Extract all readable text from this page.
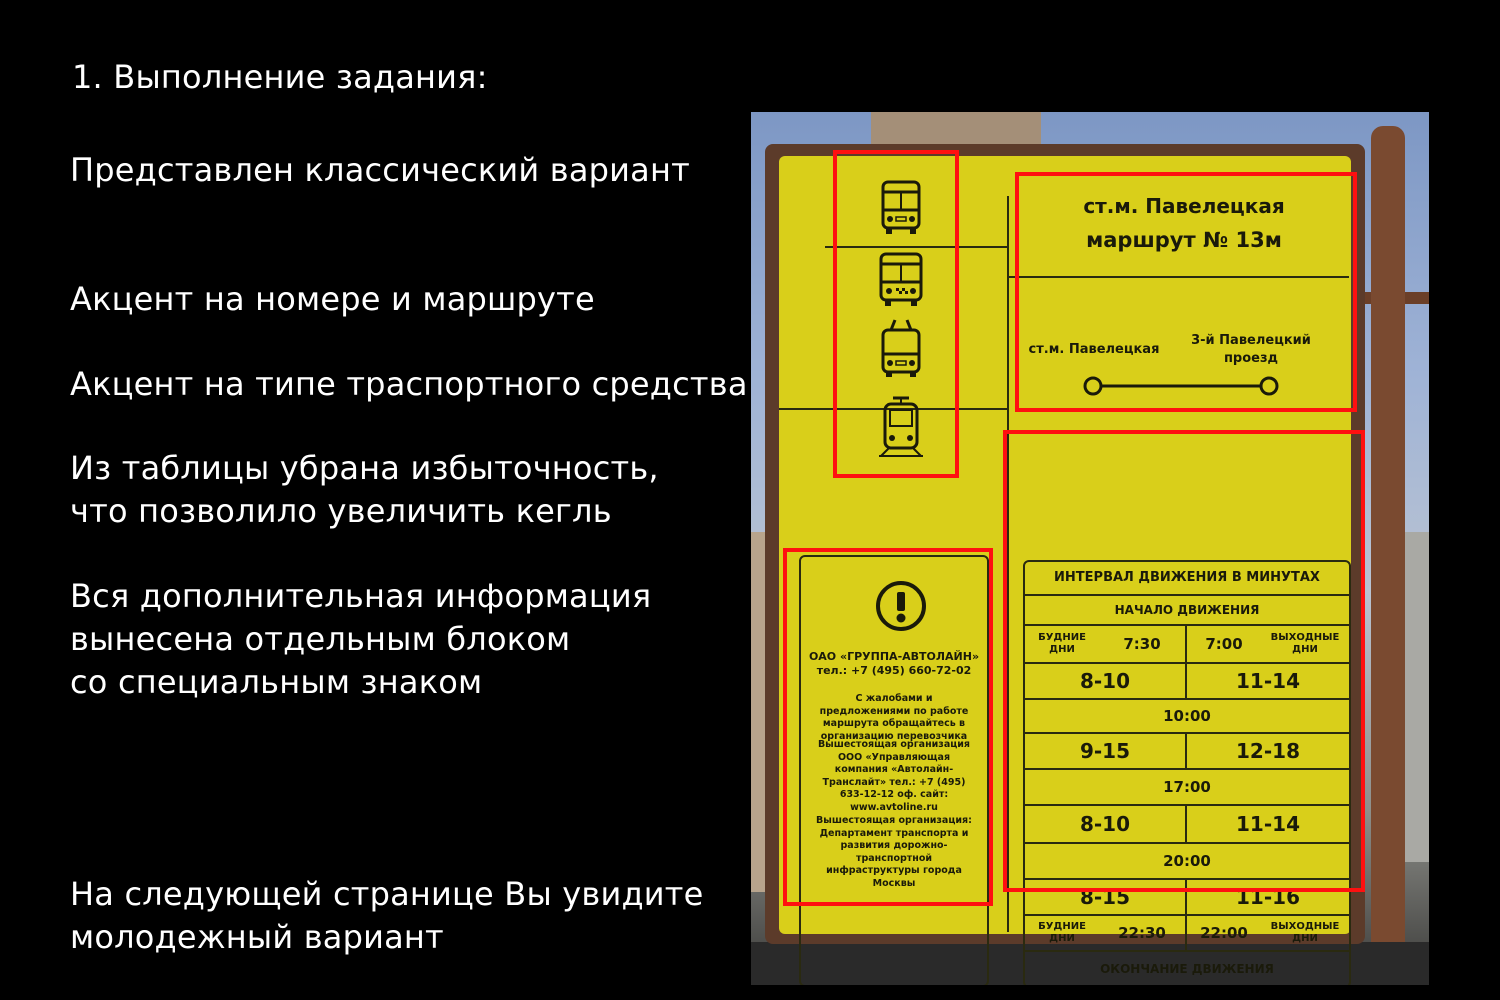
1. Выполнение задания:
Представлен классический вариант
Акцент на номере и маршруте
Акцент на типе траспортного средства
Из таблицы убрана избыточность,
что позволило увеличить кегль
Вся дополнительная информация
вынесена отдельным блоком
со специальным знаком
На следующей странице Вы увидите
молодежный вариант
ст.м. Павелецкая
маршрут № 13м
ст.м. Павелецкая
3-й Павелецкий проезд
ОАО «ГРУППА-АВТОЛАЙН»
тел.: +7 (495) 660-72-02
С жалобами и предложениями по работе маршрута обращайтесь в организацию перевозчика
Вышестоящая организация ООО «Управляющая компания «Автолайн-Транслайт» тел.: +7 (495) 633-12-12 оф. сайт: www.avtoline.ru
Вышестоящая организация: Департамент транспорта и развития дорожно-транспортной инфраструктуры города Москвы
ИНТЕРВАЛ ДВИЖЕНИЯ В МИНУТАХ
НАЧАЛО ДВИЖЕНИЯ
БУДНИЕ ДНИ	7:30	7:00	ВЫХОДНЫЕ ДНИ
8-10	11-14
10:00
9-15	12-18
17:00
8-10	11-14
20:00
8-15	11-16
БУДНИЕ ДНИ	22:30	22:00	ВЫХОДНЫЕ ДНИ
ОКОНЧАНИЕ ДВИЖЕНИЯ
